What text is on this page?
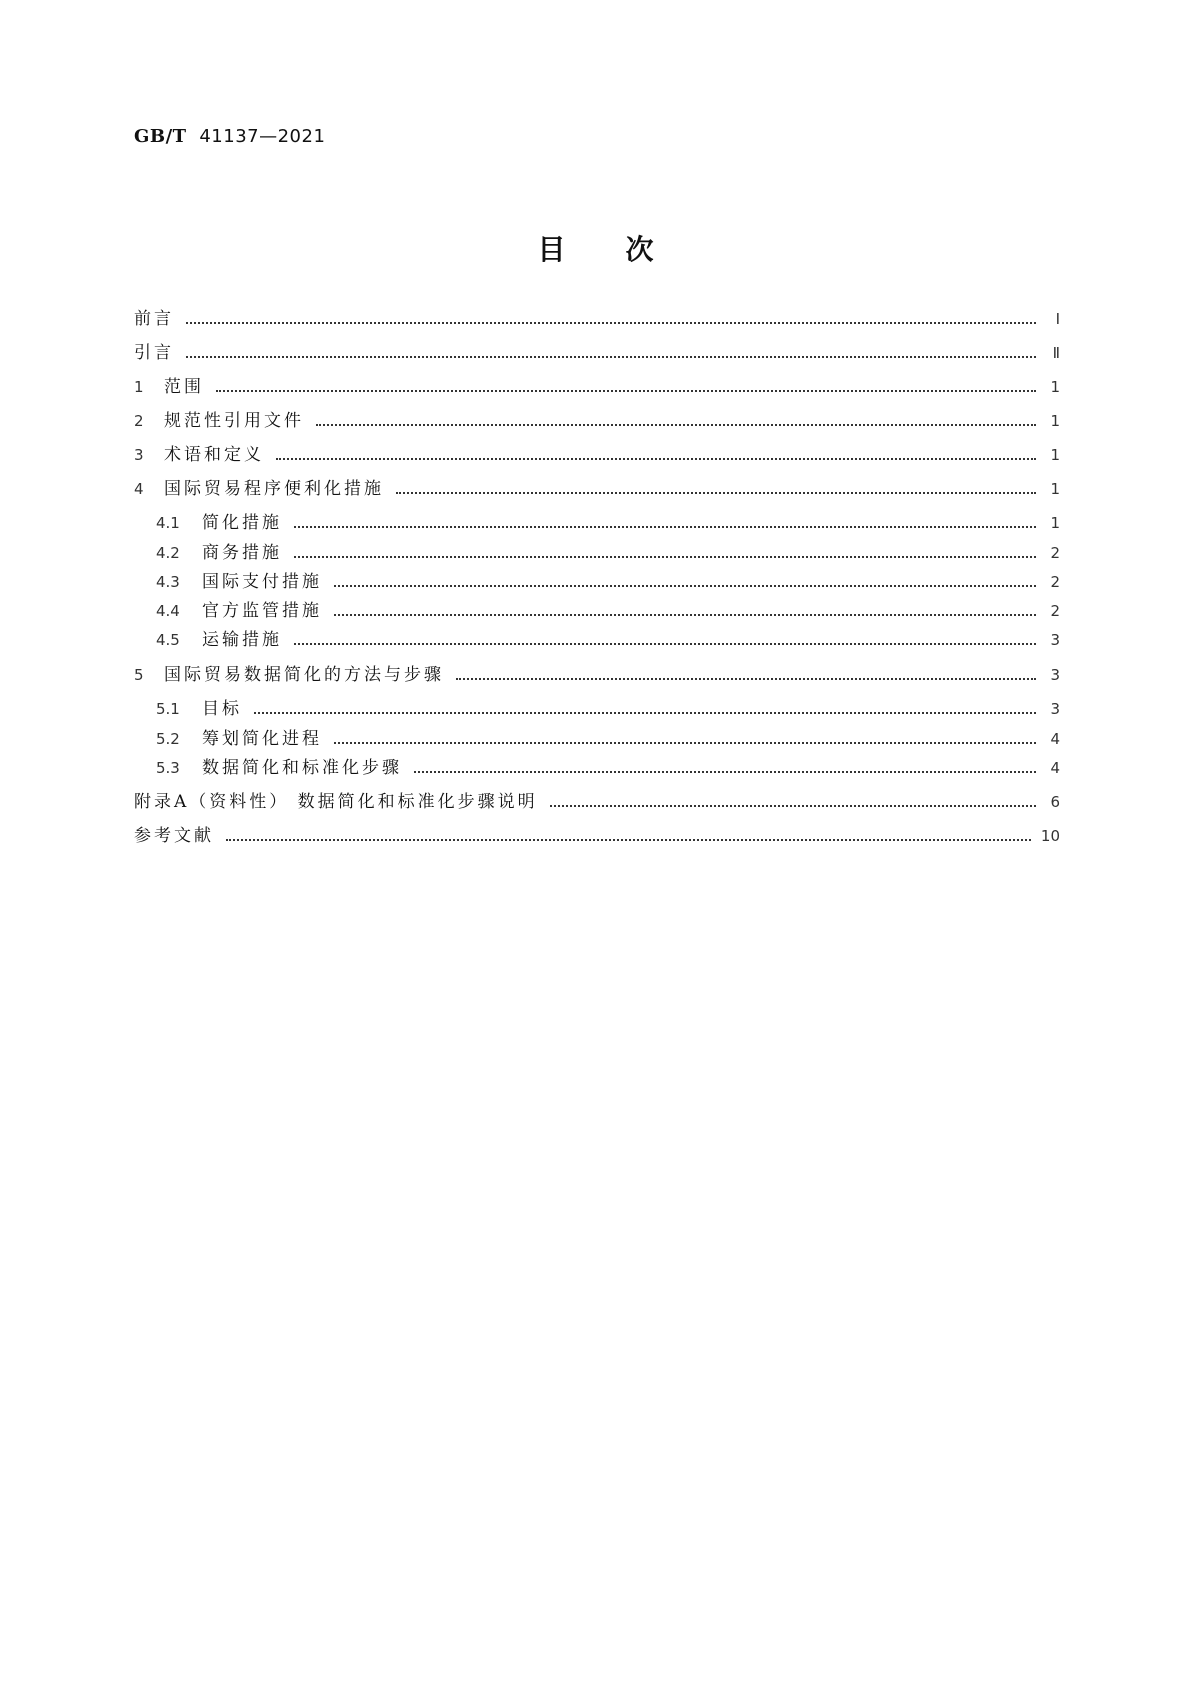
GB/T 41137—2021
目次
前言	Ⅰ
引言	Ⅱ
1	范围	1
2	规范性引用文件	1
3	术语和定义	1
4	国际贸易程序便利化措施	1
4.1	简化措施	1
4.2	商务措施	2
4.3	国际支付措施	2
4.4	官方监管措施	2
4.5	运输措施	3
5	国际贸易数据简化的方法与步骤	3
5.1	目标	3
5.2	筹划简化进程	4
5.3	数据简化和标准化步骤	4
附录A（资料性） 数据简化和标准化步骤说明	6
参考文献	10
